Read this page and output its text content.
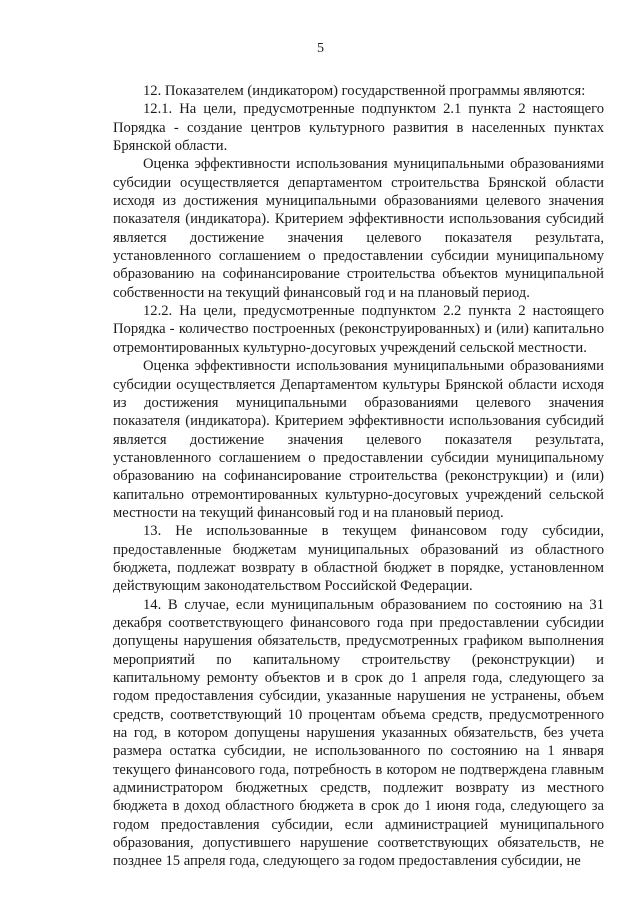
5

12. Показателем (индикатором) государственной программы являются:

12.1. На цели, предусмотренные подпунктом 2.1 пункта 2 настоящего Порядка - создание центров культурного развития в населенных пунктах Брянской области.

Оценка эффективности использования муниципальными образованиями субсидии осуществляется департаментом строительства Брянской области исходя из достижения муниципальными образованиями целевого значения показателя (индикатора). Критерием эффективности использования субсидий является достижение значения целевого показателя результата, установленного соглашением о предоставлении субсидии муниципальному образованию на софинансирование строительства объектов муниципальной собственности на текущий финансовый год и на плановый период.

12.2. На цели, предусмотренные подпунктом 2.2 пункта 2 настоящего Порядка - количество построенных (реконструированных) и (или) капитально отремонтированных культурно-досуговых учреждений сельской местности.

Оценка эффективности использования муниципальными образованиями субсидии осуществляется Департаментом культуры Брянской области исходя из достижения муниципальными образованиями целевого значения показателя (индикатора). Критерием эффективности использования субсидий является достижение значения целевого показателя результата, установленного соглашением о предоставлении субсидии муниципальному образованию на софинансирование строительства (реконструкции) и (или) капитально отремонтированных культурно-досуговых учреждений сельской местности на текущий финансовый год и на плановый период.

13. Не использованные в текущем финансовом году субсидии, предоставленные бюджетам муниципальных образований из областного бюджета, подлежат возврату в областной бюджет в порядке, установленном действующим законодательством Российской Федерации.

14. В случае, если муниципальным образованием по состоянию на 31 декабря соответствующего финансового года при предоставлении субсидии допущены нарушения обязательств, предусмотренных графиком выполнения мероприятий по капитальному строительству (реконструкции) и капитальному ремонту объектов и в срок до 1 апреля года, следующего за годом предоставления субсидии, указанные нарушения не устранены, объем средств, соответствующий 10 процентам объема средств, предусмотренного на год, в котором допущены нарушения указанных обязательств, без учета размера остатка субсидии, не использованного по состоянию на 1 января текущего финансового года, потребность в котором не подтверждена главным администратором бюджетных средств, подлежит возврату из местного бюджета в доход областного бюджета в срок до 1 июня года, следующего за годом предоставления субсидии, если администрацией муниципального образования, допустившего нарушение соответствующих обязательств, не позднее 15 апреля года, следующего за годом предоставления субсидии, не
